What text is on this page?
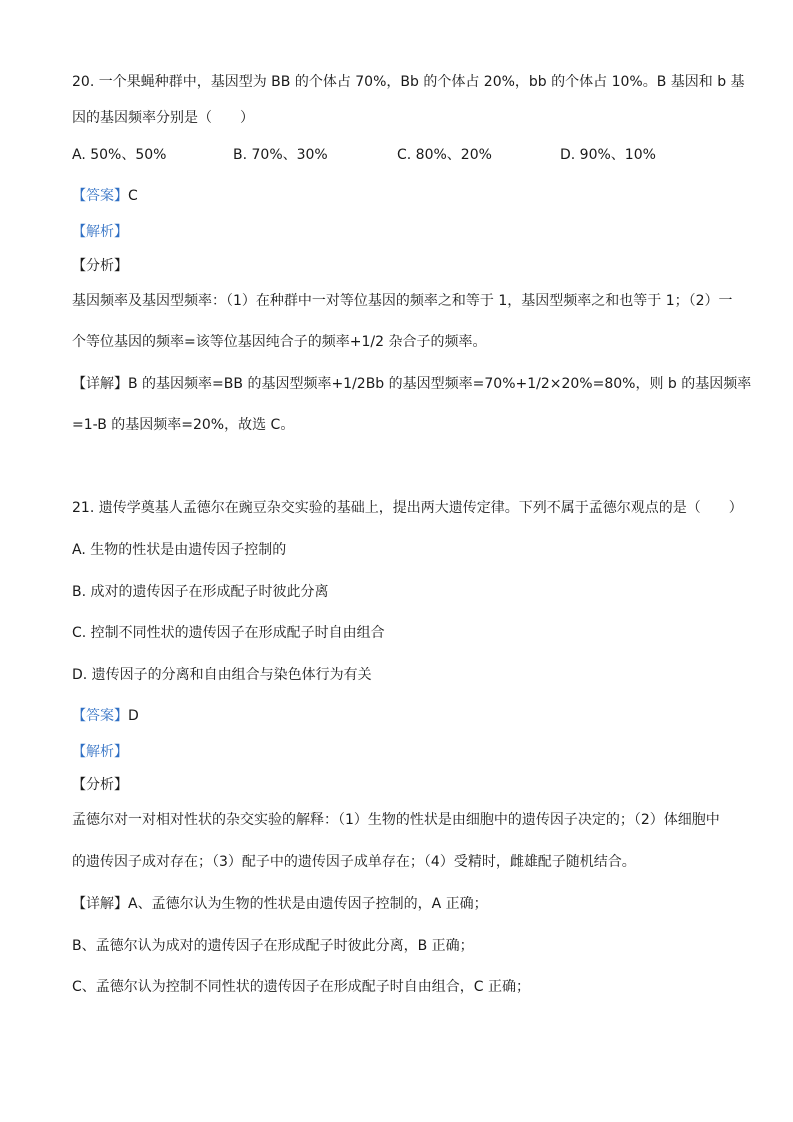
20. 一个果蝇种群中，基因型为 BB 的个体占 70%，Bb 的个体占 20%，bb 的个体占 10%。B 基因和 b 基
因的基因频率分别是（　　）
A. 50%、50%	B. 70%、30%	C. 80%、20%	D. 90%、10%
【答案】C
【解析】
【分析】
基因频率及基因型频率：（1）在种群中一对等位基因的频率之和等于 1，基因型频率之和也等于 1；（2）一
个等位基因的频率=该等位基因纯合子的频率+1/2 杂合子的频率。
【详解】B 的基因频率=BB 的基因型频率+1/2Bb 的基因型频率=70%+1/2×20%=80%，则 b 的基因频率
=1-B 的基因频率=20%，故选 C。
21. 遗传学奠基人孟德尔在豌豆杂交实验的基础上，提出两大遗传定律。下列不属于孟德尔观点的是（　　）
A. 生物的性状是由遗传因子控制的
B. 成对的遗传因子在形成配子时彼此分离
C. 控制不同性状的遗传因子在形成配子时自由组合
D. 遗传因子的分离和自由组合与染色体行为有关
【答案】D
【解析】
【分析】
孟德尔对一对相对性状的杂交实验的解释：（1）生物的性状是由细胞中的遗传因子决定的；（2）体细胞中
的遗传因子成对存在；（3）配子中的遗传因子成单存在；（4）受精时，雌雄配子随机结合。
【详解】A、孟德尔认为生物的性状是由遗传因子控制的，A 正确；
B、孟德尔认为成对的遗传因子在形成配子时彼此分离，B 正确；
C、孟德尔认为控制不同性状的遗传因子在形成配子时自由组合，C 正确；
